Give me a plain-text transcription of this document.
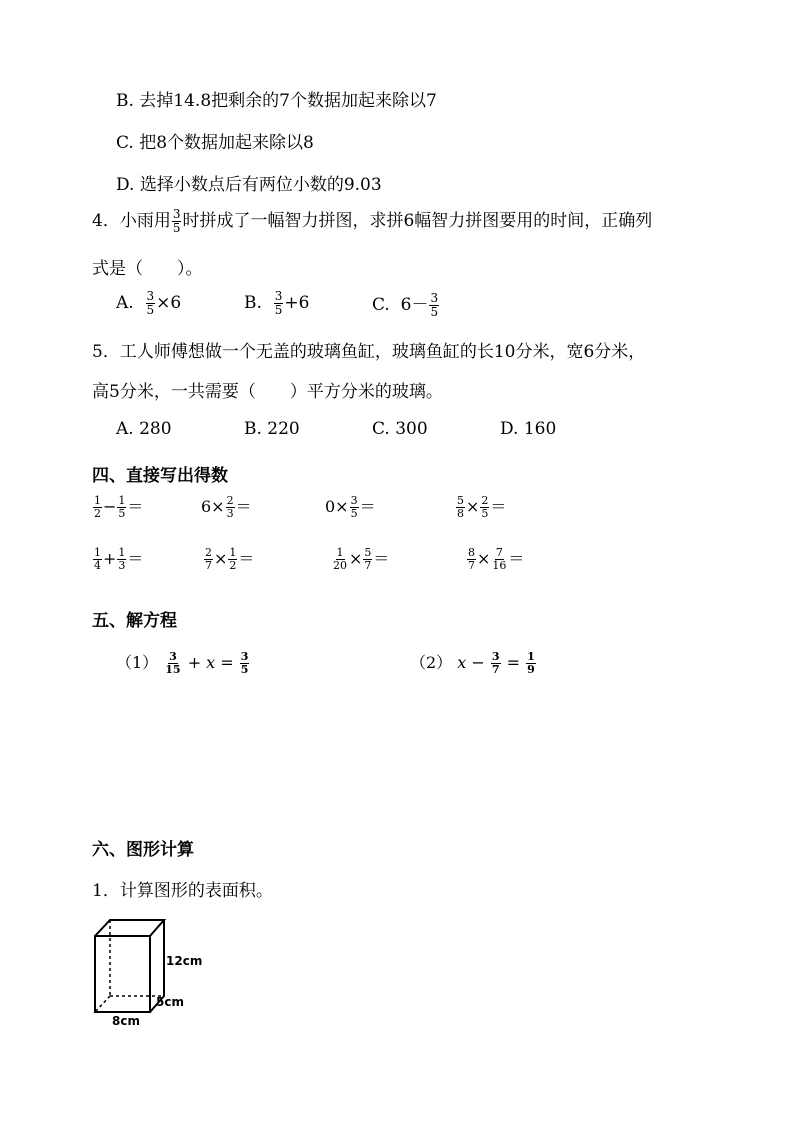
B. 去掉14.8把剩余的7个数据加起来除以7
C. 把8个数据加起来除以8
D. 选择小数点后有两位小数的9.03
4．小雨用 $\frac{3}{5}$ 时拼成了一幅智力拼图，求拼6幅智力拼图要用的时间，正确列
式是（　　）。
A. $\frac{3}{5} \times 6$	B. $\frac{3}{5} +6$	C. $6- \frac{3}{5}$
5．工人师傅想做一个无盖的玻璃鱼缸，玻璃鱼缸的长10分米，宽6分米，
高5分米，一共需要（　　）平方分米的玻璃。
A. 280	B. 220	C. 300	D. 160
四、直接写出得数
$\frac{1}{2} - \frac{1}{5}$ ＝	$6\times \frac{2}{3}$ ＝	$0\times \frac{3}{5}$ ＝	$\frac{5}{8} \times \frac{2}{5}$ ＝
$\frac{1}{4} + \frac{1}{3}$ ＝	$\frac{2}{7} \times \frac{1}{2}$ ＝	$\frac{1}{20} \times \frac{5}{7}$ ＝	$\frac{8}{7} \times \frac{7}{16}$ ＝
五、解方程
$(1) \frac{3}{15} + x = \frac{3}{5}$	（2） $x - \frac{3}{7} = \frac{1}{9}$
六、图形计算
1．计算图形的表面积。
12cm
5cm
8cm
